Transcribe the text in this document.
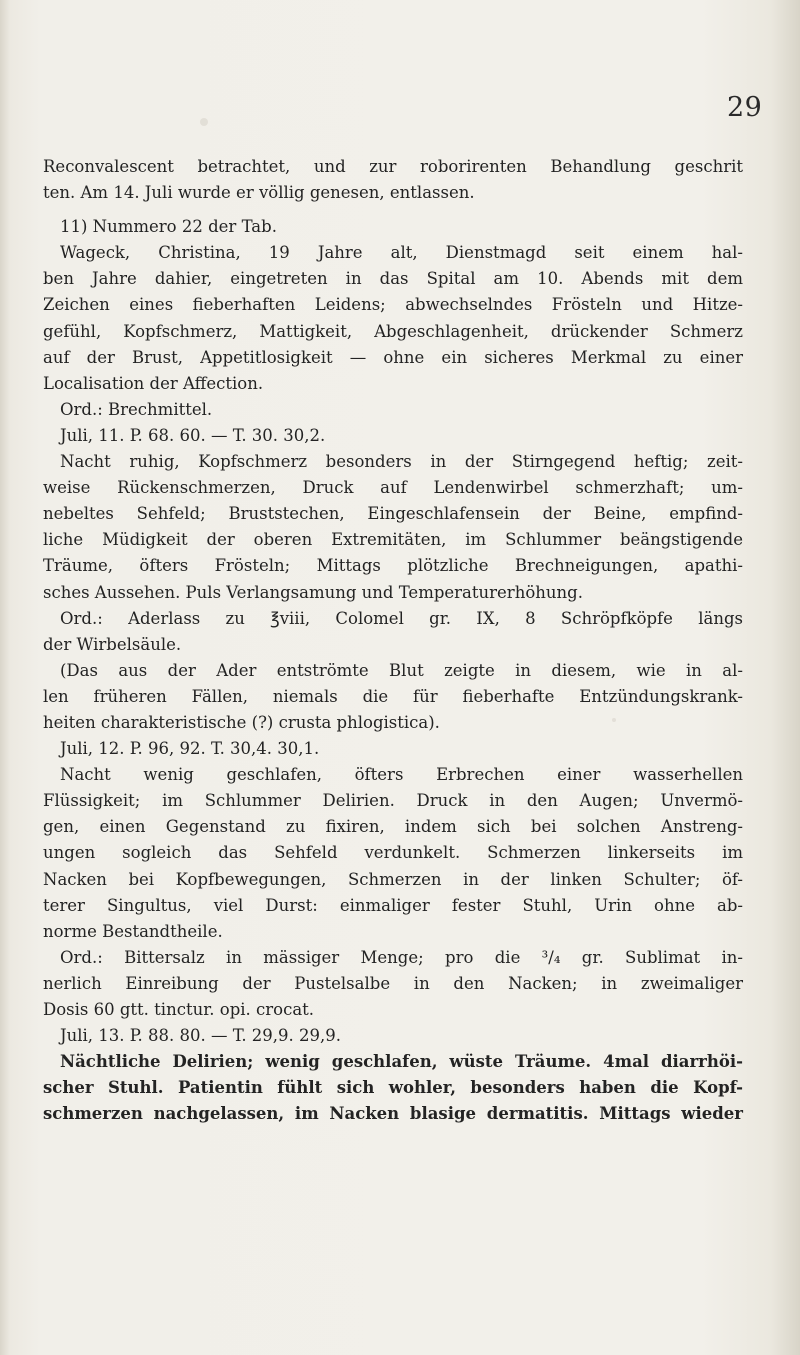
29
Reconvalescent betrachtet, und zur roborirenten Behandlung geschrit
ten. Am 14. Juli wurde er völlig genesen, entlassen.
11) Nummero 22 der Tab.
Wageck, Christina, 19 Jahre alt, Dienstmagd seit einem hal-
ben Jahre dahier, eingetreten in das Spital am 10. Abends mit dem
Zeichen eines fieberhaften Leidens; abwechselndes Frösteln und Hitze-
gefühl, Kopfschmerz, Mattigkeit, Abgeschlagenheit, drückender Schmerz
auf der Brust, Appetitlosigkeit — ohne ein sicheres Merkmal zu einer
Localisation der Affection.
Ord.: Brechmittel.
Juli, 11. P. 68. 60. — T. 30. 30,2.
Nacht ruhig, Kopfschmerz besonders in der Stirngegend heftig; zeit-
weise Rückenschmerzen, Druck auf Lendenwirbel schmerzhaft; um-
nebeltes Sehfeld; Bruststechen, Eingeschlafensein der Beine, empfind-
liche Müdigkeit der oberen Extremitäten, im Schlummer beängstigende
Träume, öfters Frösteln; Mittags plötzliche Brechneigungen, apathi-
sches Aussehen. Puls Verlangsamung und Temperaturerhöhung.
Ord.: Aderlass zu ℥viii, Colomel gr. IX, 8 Schröpfköpfe längs
der Wirbelsäule.
(Das aus der Ader entströmte Blut zeigte in diesem, wie in al-
len früheren Fällen, niemals die für fieberhafte Entzündungskrank-
heiten charakteristische (?) crusta phlogistica).
Juli, 12. P. 96, 92. T. 30,4. 30,1.
Nacht wenig geschlafen, öfters Erbrechen einer wasserhellen
Flüssigkeit; im Schlummer Delirien. Druck in den Augen; Unvermö-
gen, einen Gegenstand zu fixiren, indem sich bei solchen Anstreng-
ungen sogleich das Sehfeld verdunkelt. Schmerzen linkerseits im
Nacken bei Kopfbewegungen, Schmerzen in der linken Schulter; öf-
terer Singultus, viel Durst: einmaliger fester Stuhl, Urin ohne ab-
norme Bestandtheile.
Ord.: Bittersalz in mässiger Menge; pro die ³/₄ gr. Sublimat in-
nerlich Einreibung der Pustelsalbe in den Nacken; in zweimaliger
Dosis 60 gtt. tinctur. opi. crocat.
Juli, 13. P. 88. 80. — T. 29,9. 29,9.
Nächtliche Delirien; wenig geschlafen, wüste Träume. 4mal diarrhöi-
scher Stuhl. Patientin fühlt sich wohler, besonders haben die Kopf-
schmerzen nachgelassen, im Nacken blasige dermatitis. Mittags wieder
